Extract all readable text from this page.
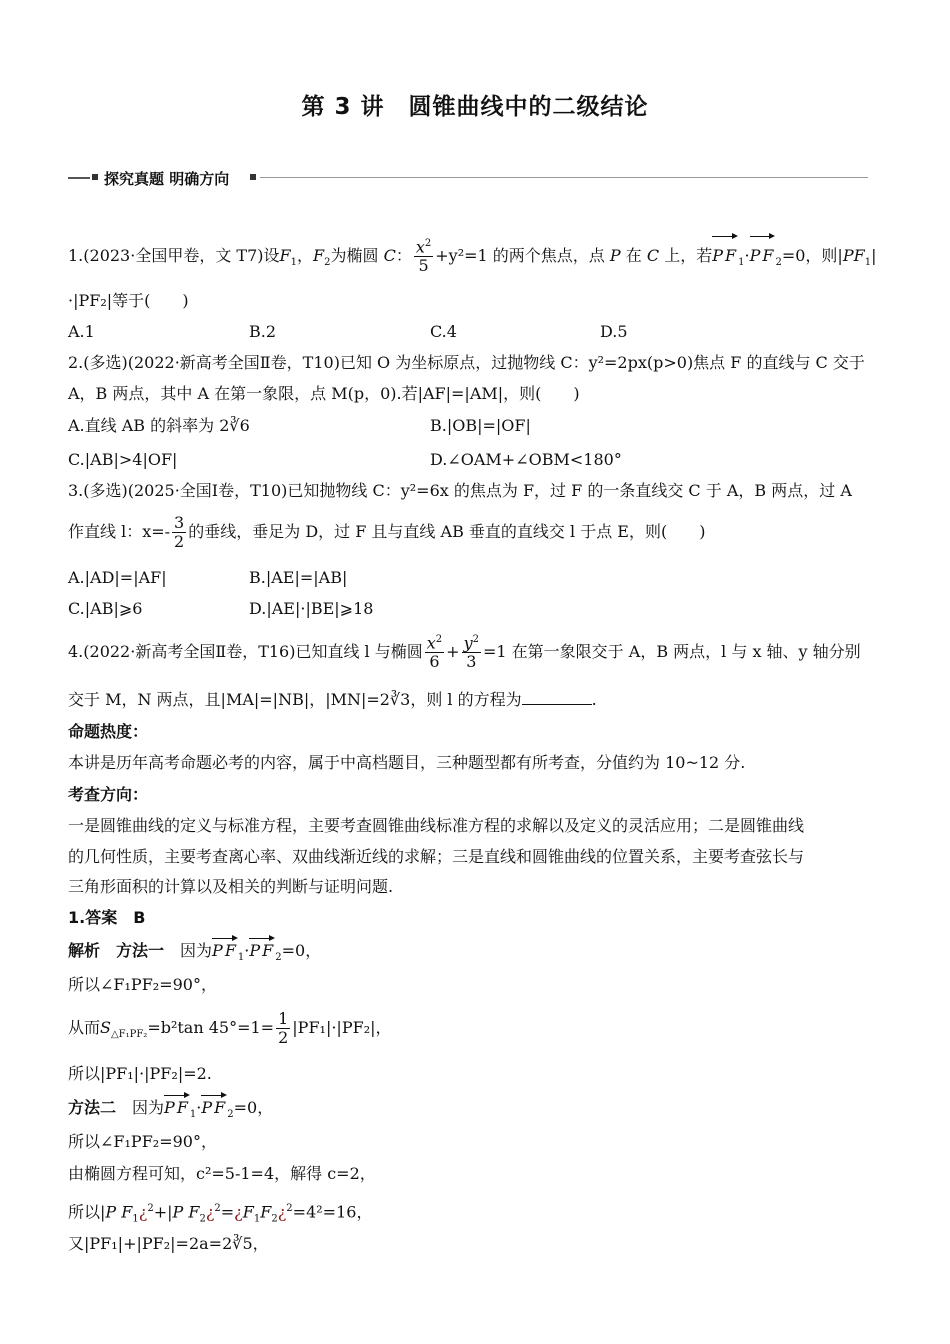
第 3 讲　圆锥曲线中的二级结论
探究真题 明确方向
1.(2023·全国甲卷，文 T7)设$F_1$，$F_2$为椭圆 C： $\frac{x^2}{5} +y^2=1$ 的两个焦点，点 P 在 C 上，若$PF_1\cdot PF_2=0$，则$|PF_1|$
·|PF₂|等于(　　)
A.1	B.2	C.4	D.5
2.(多选)(2022·新高考全国Ⅱ卷，T10)已知 O 为坐标原点，过抛物线 C：y²=2px(p>0)焦点 F 的直线与 C 交于
A，B 两点，其中 A 在第一象限，点 M(p，0).若|AF|=|AM|，则(　　)
A.直线 AB 的斜率为 2∛6	B.|OB|=|OF|
C.|AB|>4|OF|	D.∠OAM+∠OBM<180°
3.(多选)(2025·全国Ⅰ卷，T10)已知抛物线 C：y²=6x 的焦点为 F，过 F 的一条直线交 C 于 A，B 两点，过 A
作直线 l：$x=- \frac{3}{2}$ 的垂线，垂足为 D，过 F 且与直线 AB 垂直的直线交 l 于点 E，则(　　)
A.|AD|=|AF|	B.|AE|=|AB|
C.|AB|⩾6	D.|AE|·|BE|⩾18
4.(2022·新高考全国Ⅱ卷，T16)已知直线 l 与椭圆 $\frac{x^2}{6} + \frac{y^2}{3} =1$ 在第一象限交于 A，B 两点，l 与 x 轴、y 轴分别
交于 M，N 两点，且|MA|=|NB|，|MN|=2∛3，则 l 的方程为	.
命题热度：
本讲是历年高考命题必考的内容，属于中高档题目，三种题型都有所考查，分值约为 10~12 分.
考查方向：
一是圆锥曲线的定义与标准方程，主要考查圆锥曲线标准方程的求解以及定义的灵活应用；二是圆锥曲线
的几何性质，主要考查离心率、双曲线渐近线的求解；三是直线和圆锥曲线的位置关系，主要考查弦长与
三角形面积的计算以及相关的判断与证明问题.
1.答案　B
解析　方法一　 因为$PF_1\cdot PF_2=0$，
所以∠F₁PF₂=90°，
从而$S_{\triangle F_1PF_2}=b^2\tan$ $45^\circ=1= \frac{1}{2} |PF_1|\cdot|PF_2|$，
所以|PF₁|·|PF₂|=2.
方法二　 因为$PF_1\cdot PF_2=0$，
所以∠F₁PF₂=90°，
由椭圆方程可知，c²=5-1=4，解得 c=2，
所以|P $F_1¿^2+|P$ $F_2¿^2=¿F_1F_2¿^2=4^2=16$，
又|PF₁|+|PF₂|=2a=2∛5，
